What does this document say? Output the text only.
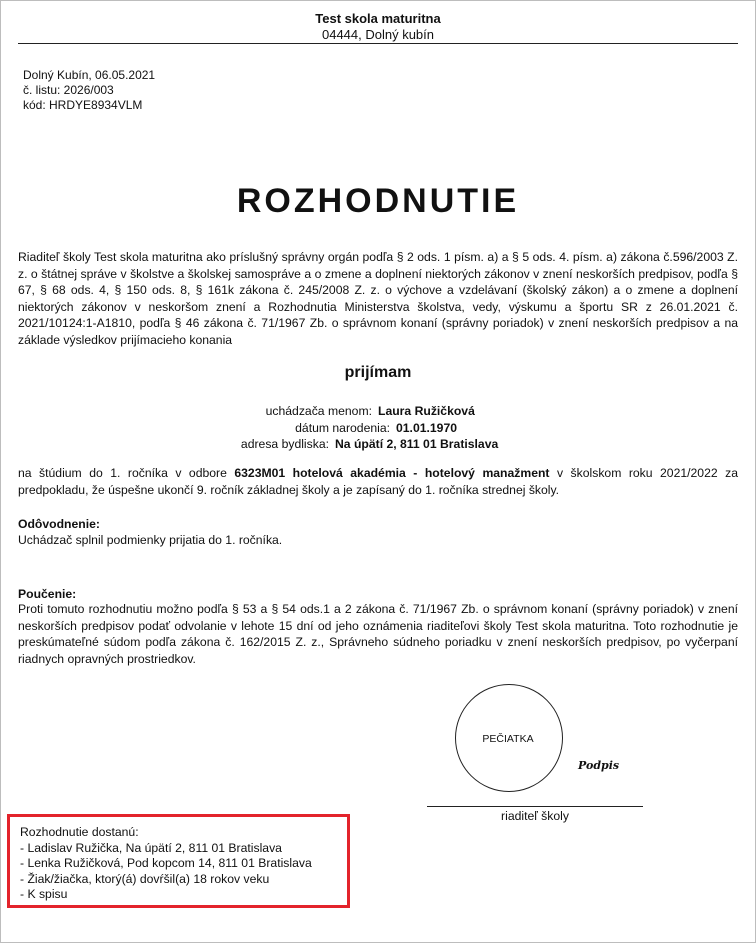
Test skola maturitna
04444, Dolný kubín
Dolný Kubín, 06.05.2021
č. listu: 2026/003
kód: HRDYE8934VLM
ROZHODNUTIE
Riaditeľ školy Test skola maturitna ako príslušný správny orgán podľa § 2 ods. 1 písm. a) a § 5 ods. 4. písm. a) zákona č.596/2003 Z. z. o štátnej správe v školstve a školskej samospráve a o zmene a doplnení niektorých zákonov v znení neskorších predpisov, podľa § 67, § 68 ods. 4, § 150 ods. 8, § 161k zákona č. 245/2008 Z. z. o výchove a vzdelávaní (školský zákon) a o zmene a doplnení niektorých zákonov v neskoršom znení a Rozhodnutia Ministerstva školstva, vedy, výskumu a športu SR z 26.01.2021 č. 2021/10124:1-A1810, podľa § 46 zákona č. 71/1967 Zb. o správnom konaní (správny poriadok) v znení neskorších predpisov a na základe výsledkov prijímacieho konania
prijímam
uchádzača menom: Laura Ružičková
dátum narodenia: 01.01.1970
adresa bydliska: Na úpätí 2, 811 01 Bratislava
na štúdium do 1. ročníka v odbore 6323M01 hotelová akadémia - hotelový manažment v školskom roku 2021/2022 za predpokladu, že úspešne ukončí 9. ročník základnej školy a je zapísaný do 1. ročníka strednej školy.
Odôvodnenie:
Uchádzač splnil podmienky prijatia do 1. ročníka.
Poučenie:
Proti tomuto rozhodnutiu možno podľa § 53 a § 54 ods.1 a 2 zákona č. 71/1967 Zb. o správnom konaní (správny poriadok) v znení neskorších predpisov podať odvolanie v lehote 15 dní od jeho oznámenia riaditeľovi školy Test skola maturitna. Toto rozhodnutie je preskúmateľné súdom podľa zákona č. 162/2015 Z. z., Správneho súdneho poriadku v znení neskorších predpisov, po vyčerpaní riadnych opravných prostriedkov.
PEČIATKA
Podpis
riaditeľ školy
Rozhodnutie dostanú:
- Ladislav Ružička, Na úpätí 2, 811 01 Bratislava
- Lenka Ružičková, Pod kopcom 14, 811 01 Bratislava
- Žiak/žiačka, ktorý(á) dovŕšil(a) 18 rokov veku
- K spisu
